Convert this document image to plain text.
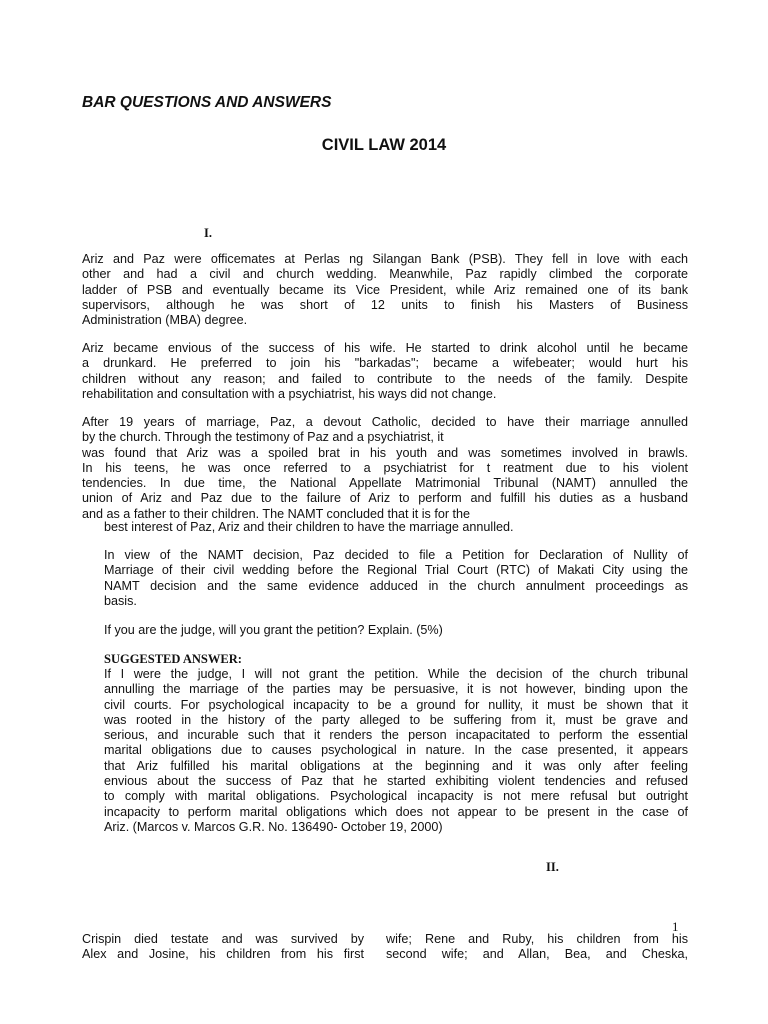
BAR QUESTIONS AND ANSWERS
CIVIL LAW 2014
I.
Ariz and Paz were officemates at Perlas ng Silangan Bank (PSB). They fell in love with each
other and had a civil and church wedding. Meanwhile, Paz rapidly climbed the corporate
ladder of PSB and eventually became its Vice President, while Ariz remained one of its bank
supervisors, although he was short of 12 units to finish his Masters of Business
Administration (MBA) degree.
Ariz became envious of the success of his wife. He started to drink alcohol until he became
a drunkard. He preferred to join his "barkadas"; became a wifebeater; would hurt his
children without any reason; and failed to contribute to the needs of the family. Despite
rehabilitation and consultation with a psychiatrist, his ways did not change.
After 19 years of marriage, Paz, a devout Catholic, decided to have their marriage annulled
by the church. Through the testimony of Paz and a psychiatrist, it
was found that Ariz was a spoiled brat in his youth and was sometimes involved in brawls.
In his teens, he was once referred to a psychiatrist for t reatment due to his violent
tendencies. In due time, the National Appellate Matrimonial Tribunal (NAMT) annulled the
union of Ariz and Paz due to the failure of Ariz to perform and fulfill his duties as a husband
and as a father to their children. The NAMT concluded that it is for the
best interest of Paz, Ariz and their children to have the marriage annulled.
In view of the NAMT decision, Paz decided to file a Petition for Declaration of Nullity of
Marriage of their civil wedding before the Regional Trial Court (RTC) of Makati City using the
NAMT decision and the same evidence adduced in the church annulment proceedings as
basis.
If you are the judge, will you grant the petition? Explain. (5%)
SUGGESTED ANSWER:
If I were the judge, I will not grant the petition. While the decision of the church tribunal
annulling the marriage of the parties may be persuasive, it is not however, binding upon the
civil courts. For psychological incapacity to be a ground for nullity, it must be shown that it
was rooted in the history of the party alleged to be suffering from it, must be grave and
serious, and incurable such that it renders the person incapacitated to perform the essential
marital obligations due to causes psychological in nature. In the case presented, it appears
that Ariz fulfilled his marital obligations at the beginning and it was only after feeling
envious about the success of Paz that he started exhibiting violent tendencies and refused
to comply with marital obligations. Psychological incapacity is not mere refusal but outright
incapacity to perform marital obligations which does not appear to be present in the case of
Ariz. (Marcos v. Marcos G.R. No. 136490- October 19, 2000)
II.
1
Crispin died testate and was survived by
Alex and Josine, his children from his first
wife; Rene and Ruby, his children from his
second wife; and Allan, Bea, and Cheska,
